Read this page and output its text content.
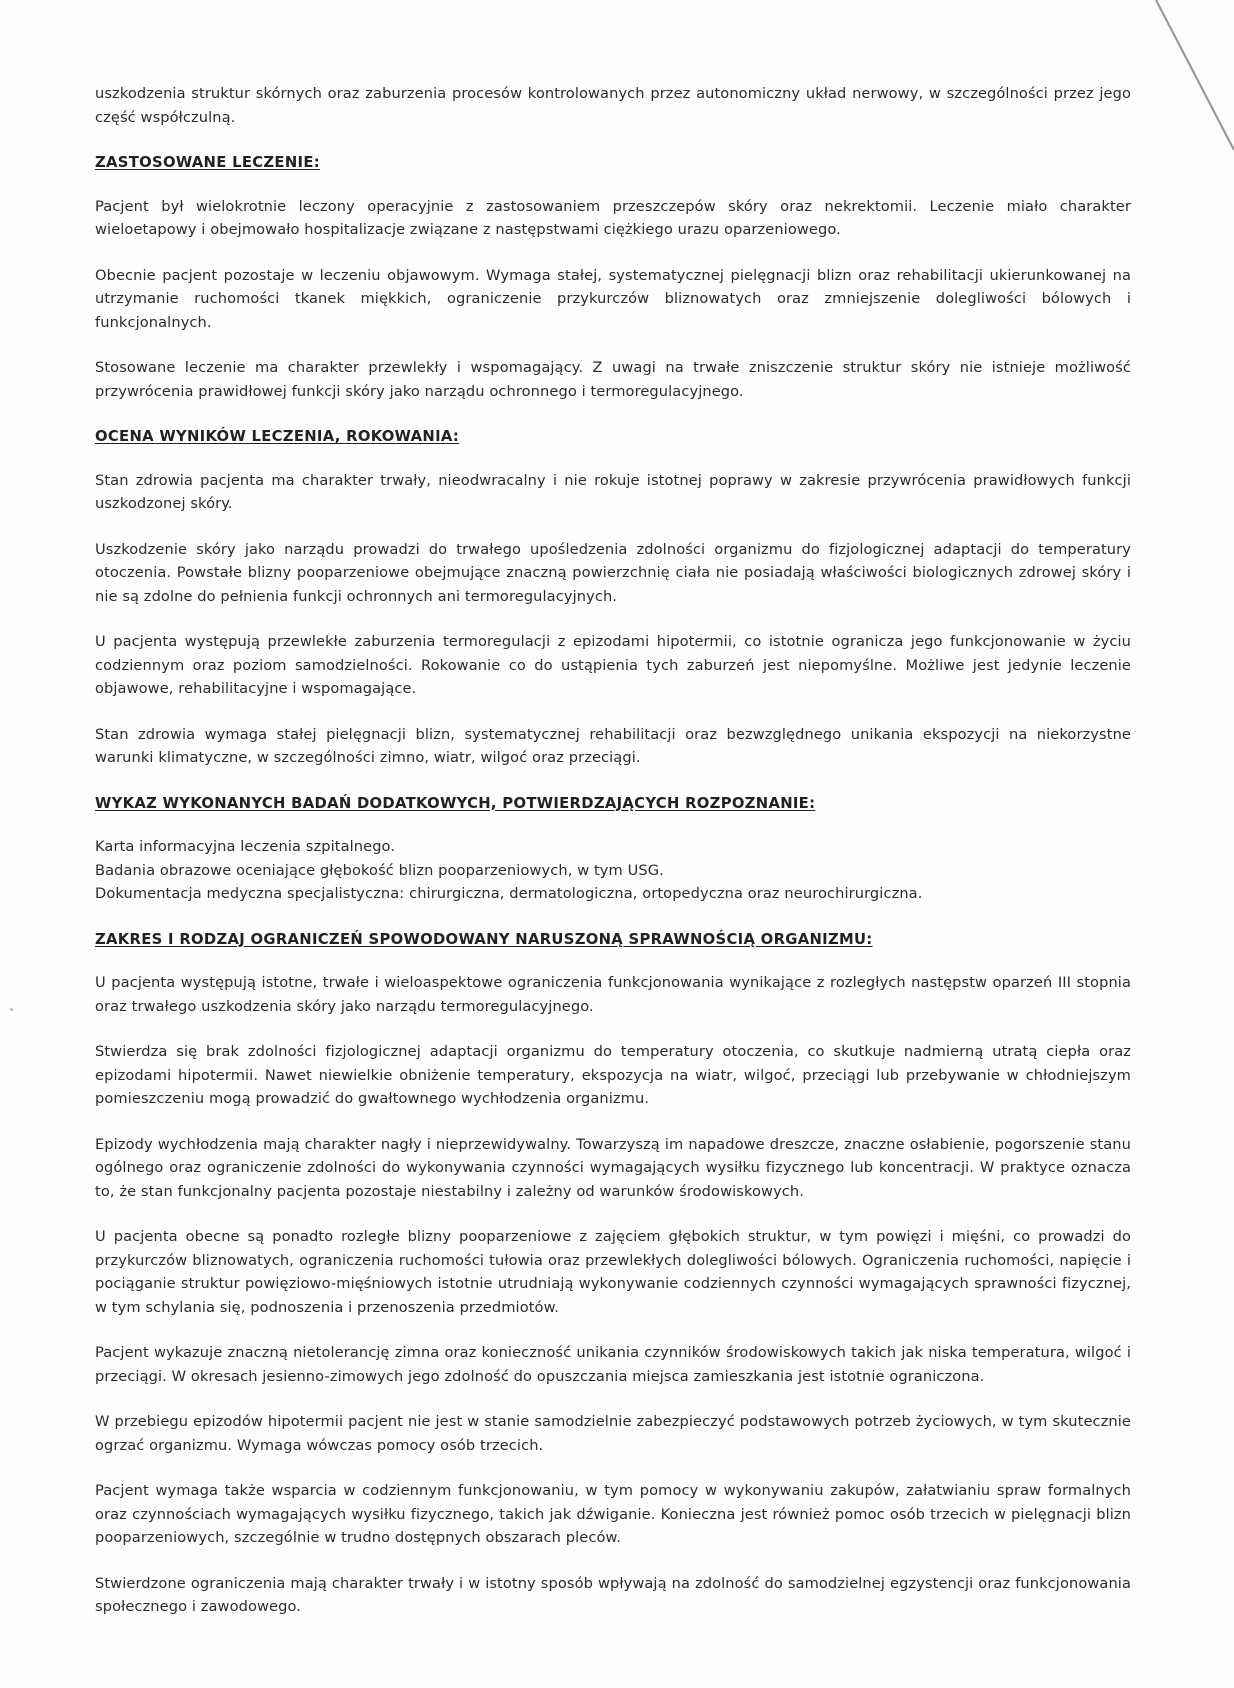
uszkodzenia struktur skórnych oraz zaburzenia procesów kontrolowanych przez autonomiczny układ nerwowy, w szczególności przez jego część współczulną.

ZASTOSOWANE LECZENIE:

Pacjent był wielokrotnie leczony operacyjnie z zastosowaniem przeszczepów skóry oraz nekrektomii. Leczenie miało charakter wieloetapowy i obejmowało hospitalizacje związane z następstwami ciężkiego urazu oparzeniowego.

Obecnie pacjent pozostaje w leczeniu objawowym. Wymaga stałej, systematycznej pielęgnacji blizn oraz rehabilitacji ukierunkowanej na utrzymanie ruchomości tkanek miękkich, ograniczenie przykurczów bliznowatych oraz zmniejszenie dolegliwości bólowych i funkcjonalnych.

Stosowane leczenie ma charakter przewlekły i wspomagający. Z uwagi na trwałe zniszczenie struktur skóry nie istnieje możliwość przywrócenia prawidłowej funkcji skóry jako narządu ochronnego i termoregulacyjnego.

OCENA WYNIKÓW LECZENIA, ROKOWANIA:

Stan zdrowia pacjenta ma charakter trwały, nieodwracalny i nie rokuje istotnej poprawy w zakresie przywrócenia prawidłowych funkcji uszkodzonej skóry.

Uszkodzenie skóry jako narządu prowadzi do trwałego upośledzenia zdolności organizmu do fizjologicznej adaptacji do temperatury otoczenia. Powstałe blizny pooparzeniowe obejmujące znaczną powierzchnię ciała nie posiadają właściwości biologicznych zdrowej skóry i nie są zdolne do pełnienia funkcji ochronnych ani termoregulacyjnych.

U pacjenta występują przewlekłe zaburzenia termoregulacji z epizodami hipotermii, co istotnie ogranicza jego funkcjonowanie w życiu codziennym oraz poziom samodzielności. Rokowanie co do ustąpienia tych zaburzeń jest niepomyślne. Możliwe jest jedynie leczenie objawowe, rehabilitacyjne i wspomagające.

Stan zdrowia wymaga stałej pielęgnacji blizn, systematycznej rehabilitacji oraz bezwzględnego unikania ekspozycji na niekorzystne warunki klimatyczne, w szczególności zimno, wiatr, wilgoć oraz przeciągi.

WYKAZ WYKONANYCH BADAŃ DODATKOWYCH, POTWIERDZAJĄCYCH ROZPOZNANIE:

Karta informacyjna leczenia szpitalnego.

Badania obrazowe oceniające głębokość blizn pooparzeniowych, w tym USG.

Dokumentacja medyczna specjalistyczna: chirurgiczna, dermatologiczna, ortopedyczna oraz neurochirurgiczna.

ZAKRES I RODZAJ OGRANICZEŃ SPOWODOWANY NARUSZONĄ SPRAWNOŚCIĄ ORGANIZMU:

U pacjenta występują istotne, trwałe i wieloaspektowe ograniczenia funkcjonowania wynikające z rozległych następstw oparzeń III stopnia oraz trwałego uszkodzenia skóry jako narządu termoregulacyjnego.

Stwierdza się brak zdolności fizjologicznej adaptacji organizmu do temperatury otoczenia, co skutkuje nadmierną utratą ciepła oraz epizodami hipotermii. Nawet niewielkie obniżenie temperatury, ekspozycja na wiatr, wilgoć, przeciągi lub przebywanie w chłodniejszym pomieszczeniu mogą prowadzić do gwałtownego wychłodzenia organizmu.

Epizody wychłodzenia mają charakter nagły i nieprzewidywalny. Towarzyszą im napadowe dreszcze, znaczne osłabienie, pogorszenie stanu ogólnego oraz ograniczenie zdolności do wykonywania czynności wymagających wysiłku fizycznego lub koncentracji. W praktyce oznacza to, że stan funkcjonalny pacjenta pozostaje niestabilny i zależny od warunków środowiskowych.

U pacjenta obecne są ponadto rozległe blizny pooparzeniowe z zajęciem głębokich struktur, w tym powięzi i mięśni, co prowadzi do przykurczów bliznowatych, ograniczenia ruchomości tułowia oraz przewlekłych dolegliwości bólowych. Ograniczenia ruchomości, napięcie i pociąganie struktur powięziowo-mięśniowych istotnie utrudniają wykonywanie codziennych czynności wymagających sprawności fizycznej, w tym schylania się, podnoszenia i przenoszenia przedmiotów.

Pacjent wykazuje znaczną nietolerancję zimna oraz konieczność unikania czynników środowiskowych takich jak niska temperatura, wilgoć i przeciągi. W okresach jesienno-zimowych jego zdolność do opuszczania miejsca zamieszkania jest istotnie ograniczona.

W przebiegu epizodów hipotermii pacjent nie jest w stanie samodzielnie zabezpieczyć podstawowych potrzeb życiowych, w tym skutecznie ogrzać organizmu. Wymaga wówczas pomocy osób trzecich.

Pacjent wymaga także wsparcia w codziennym funkcjonowaniu, w tym pomocy w wykonywaniu zakupów, załatwianiu spraw formalnych oraz czynnościach wymagających wysiłku fizycznego, takich jak dźwiganie. Konieczna jest również pomoc osób trzecich w pielęgnacji blizn pooparzeniowych, szczególnie w trudno dostępnych obszarach pleców.

Stwierdzone ograniczenia mają charakter trwały i w istotny sposób wpływają na zdolność do samodzielnej egzystencji oraz funkcjonowania społecznego i zawodowego.
